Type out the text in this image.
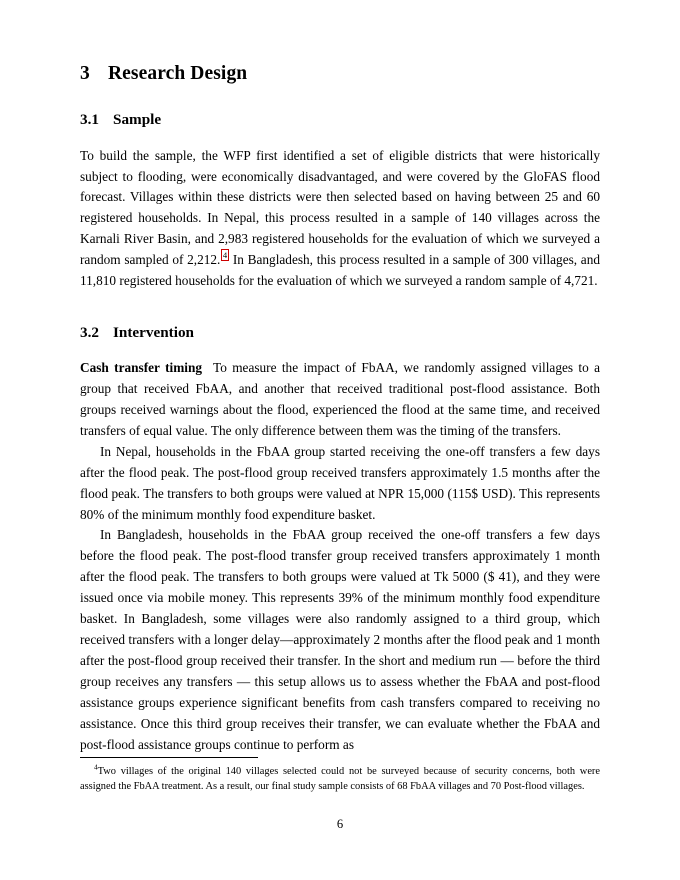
3 Research Design
3.1 Sample

To build the sample, the WFP first identified a set of eligible districts that were historically subject to flooding, were economically disadvantaged, and were covered by the GloFAS flood forecast. Villages within these districts were then selected based on having between 25 and 60 registered households. In Nepal, this process resulted in a sample of 140 villages across the Karnali River Basin, and 2,983 registered households for the evaluation of which we surveyed a random sampled of 2,212. $^4$ In Bangladesh, this process resulted in a sample of 300 villages, and 11,810 registered households for the evaluation of which we surveyed a random sample of 4,721.

3.2 Intervention

Cash transfer timing To measure the impact of FbAA, we randomly assigned villages to a group that received FbAA, and another that received traditional post-flood assistance. Both groups received warnings about the flood, experienced the flood at the same time, and received transfers of equal value. The only difference between them was the timing of the transfers.

In Nepal, households in the FbAA group started receiving the one-off transfers a few days after the flood peak. The post-flood group received transfers approximately 1.5 months after the flood peak. The transfers to both groups were valued at NPR 15,000 (115$ USD). This represents 80% of the minimum monthly food expenditure basket.

In Bangladesh, households in the FbAA group received the one-off transfers a few days before the flood peak. The post-flood transfer group received transfers approximately 1 month after the flood peak. The transfers to both groups were valued at Tk 5000 ($ 41), and they were issued once via mobile money. This represents 39% of the minimum monthly food expenditure basket. In Bangladesh, some villages were also randomly assigned to a third group, which received transfers with a longer delay—approximately 2 months after the flood peak and 1 month after the post-flood group received their transfer. In the short and medium run — before the third group receives any transfers — this setup allows us to assess whether the FbAA and post-flood assistance groups experience significant benefits from cash transfers compared to receiving no assistance. Once this third group receives their transfer, we can evaluate whether the FbAA and post-flood assistance groups continue to perform as

$^4$Two villages of the original 140 villages selected could not be surveyed because of security concerns, both were assigned the FbAA treatment. As a result, our final study sample consists of 68 FbAA villages and 70 Post-flood villages.

6
